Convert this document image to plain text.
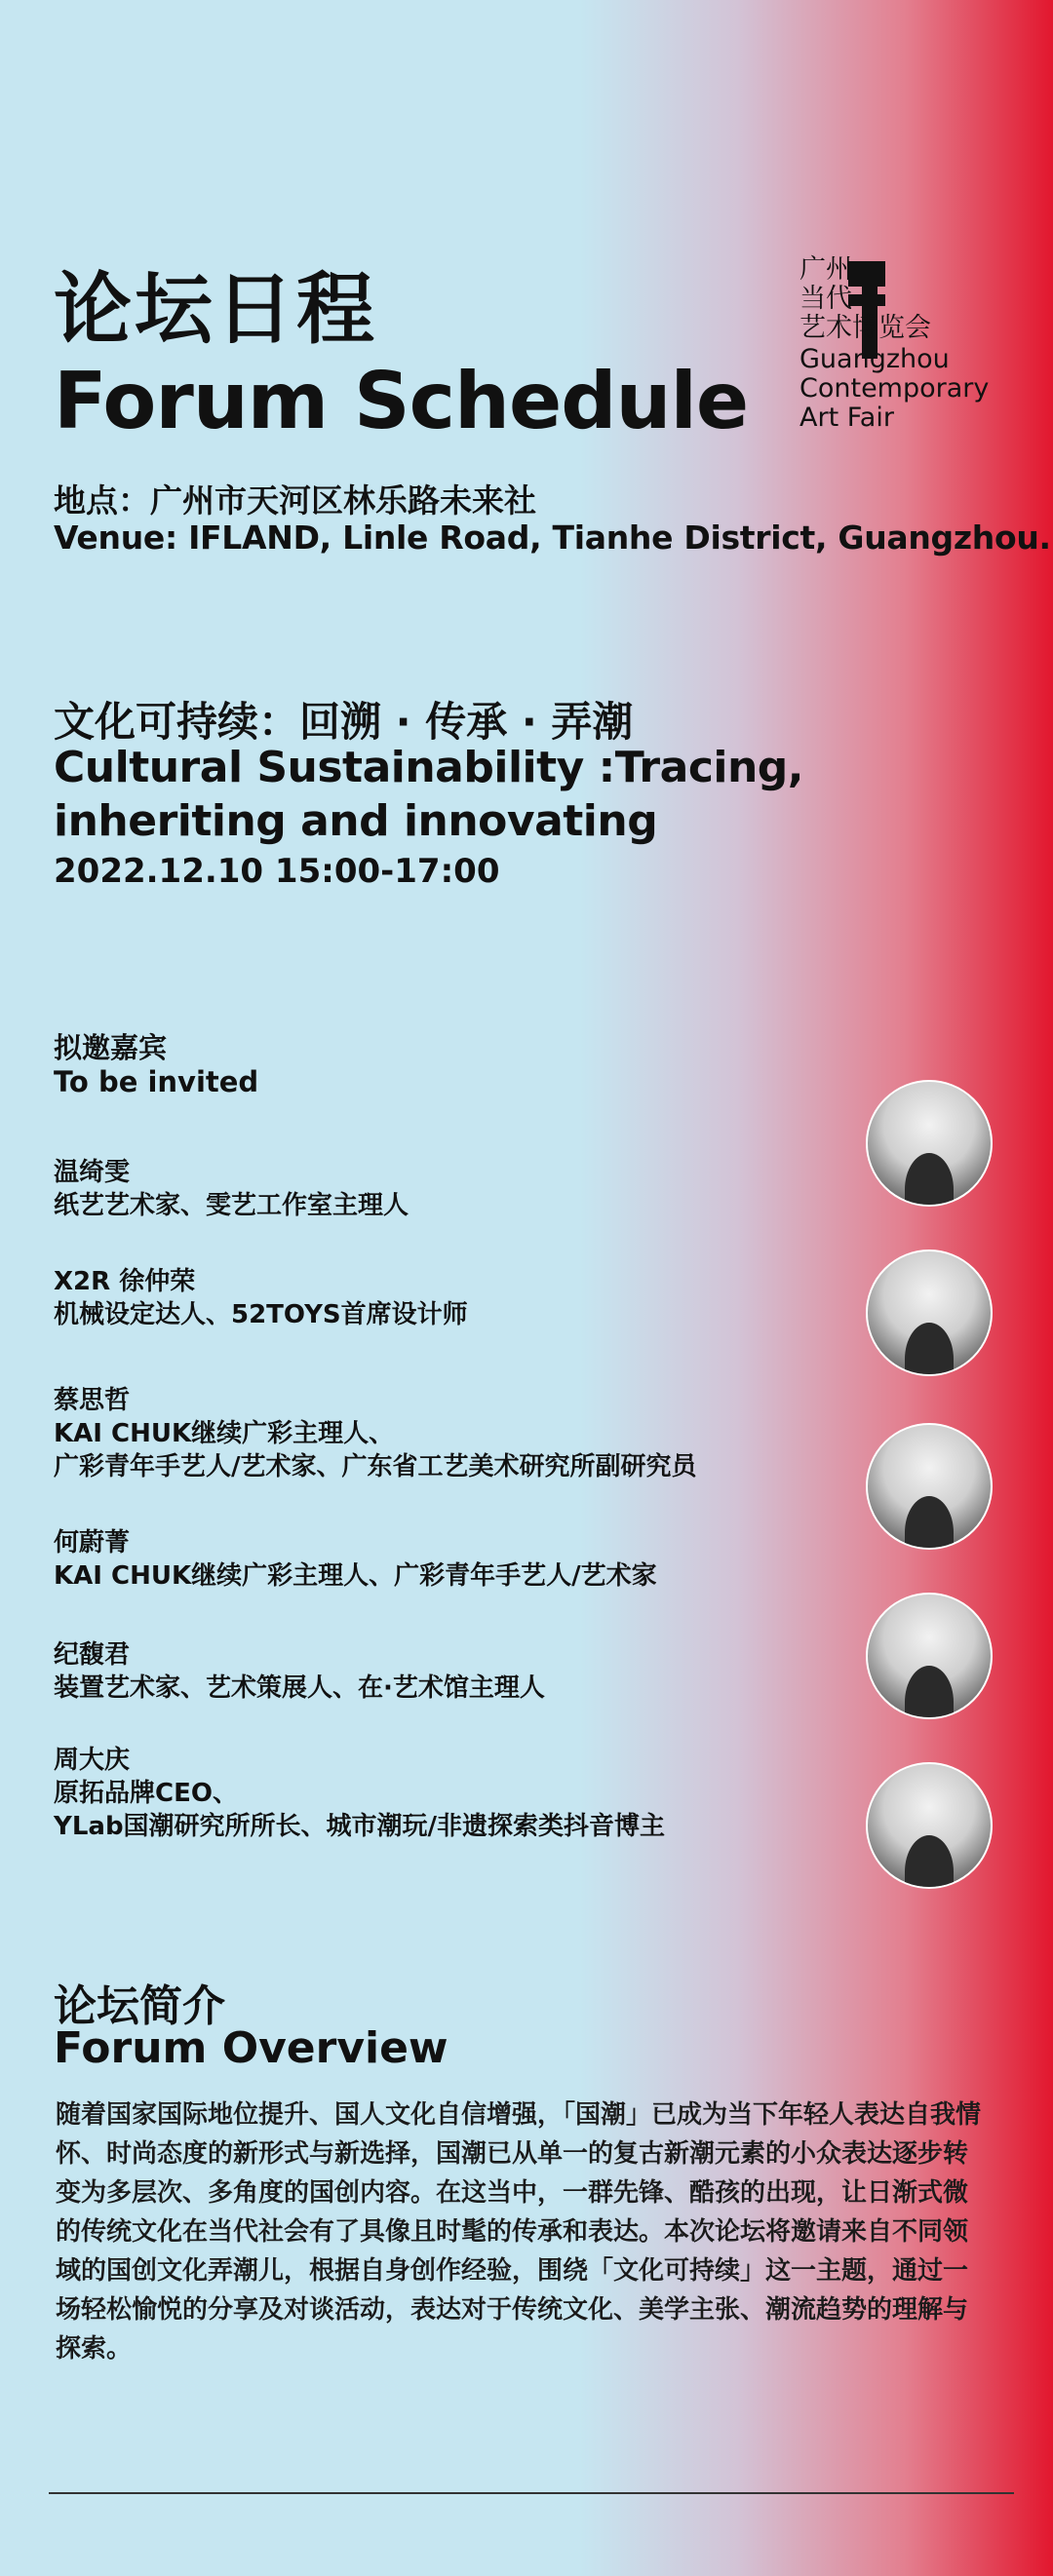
论坛日程
Forum Schedule
广州
当代
艺术博览会
Guangzhou
Contemporary
Art Fair
地点：广州市天河区林乐路未来社
Venue: IFLAND, Linle Road, Tianhe District, Guangzhou.
文化可持续：回溯 · 传承 · 弄潮
Cultural Sustainability :Tracing, inheriting and innovating
2022.12.10 15:00-17:00
拟邀嘉宾
To be invited
温绮雯
纸艺艺术家、雯艺工作室主理人
X2R 徐仲荣
机械设定达人、52TOYS首席设计师
蔡思哲
KAI CHUK继续广彩主理人、
广彩青年手艺人/艺术家、广东省工艺美术研究所副研究员
何蔚菁
KAI CHUK继续广彩主理人、广彩青年手艺人/艺术家
纪馥君
装置艺术家、艺术策展人、在·艺术馆主理人
周大庆
原拓品牌CEO、
YLab国潮研究所所长、城市潮玩/非遗探索类抖音博主
论坛简介
Forum Overview
随着国家国际地位提升、国人文化自信增强，「国潮」已成为当下年轻人表达自我情怀、时尚态度的新形式与新选择，国潮已从单一的复古新潮元素的小众表达逐步转变为多层次、多角度的国创内容。在这当中，一群先锋、酷孩的出现，让日渐式微的传统文化在当代社会有了具像且时髦的传承和表达。本次论坛将邀请来自不同领域的国创文化弄潮儿，根据自身创作经验，围绕「文化可持续」这一主题，通过一场轻松愉悦的分享及对谈活动，表达对于传统文化、美学主张、潮流趋势的理解与探索。
